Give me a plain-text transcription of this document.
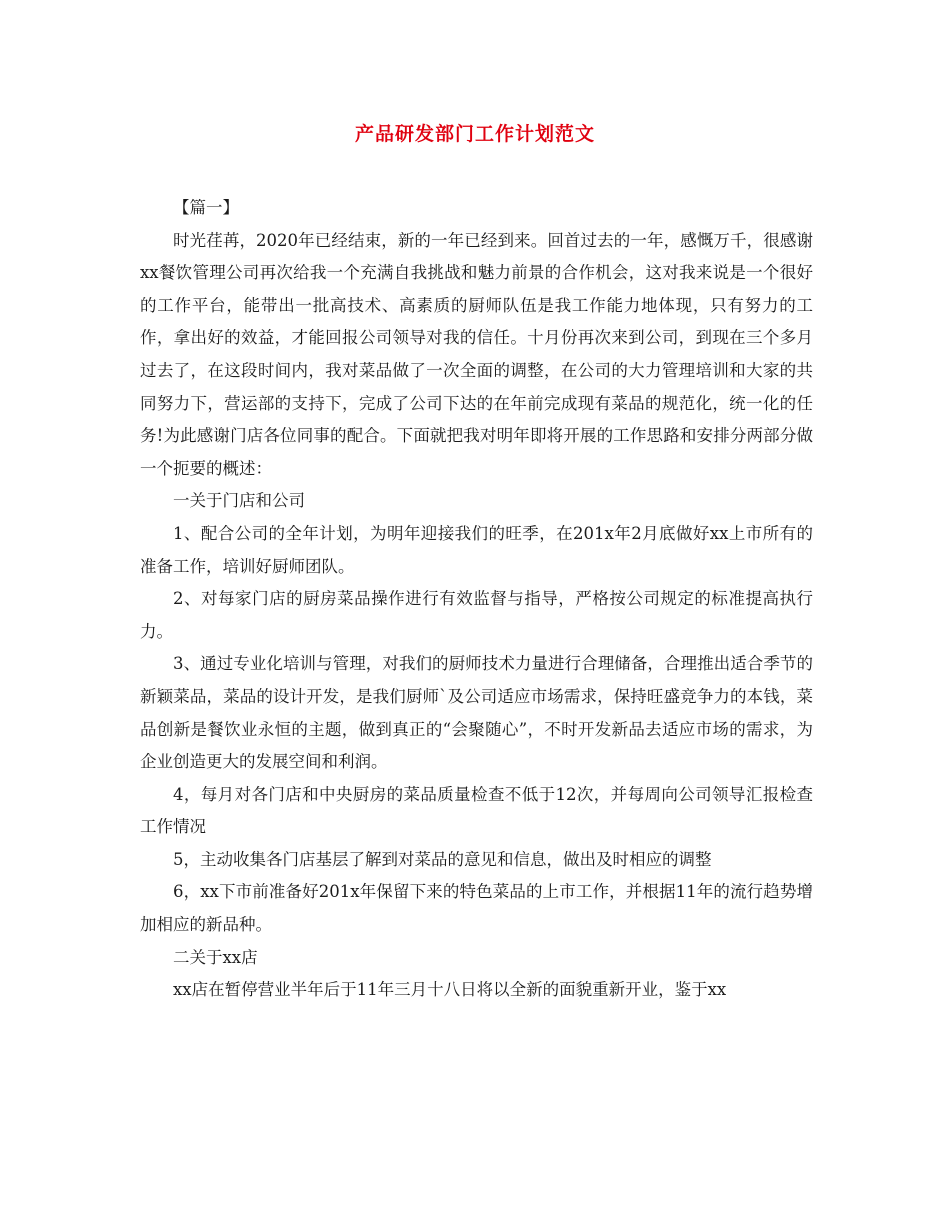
产品研发部门工作计划范文

【篇一】

时光荏苒，2020年已经结束，新的一年已经到来。回首过去的一年，感慨万千，很感谢xx餐饮管理公司再次给我一个充满自我挑战和魅力前景的合作机会，这对我来说是一个很好的工作平台，能带出一批高技术、高素质的厨师队伍是我工作能力地体现，只有努力的工作，拿出好的效益，才能回报公司领导对我的信任。十月份再次来到公司，到现在三个多月过去了，在这段时间内，我对菜品做了一次全面的调整，在公司的大力管理培训和大家的共同努力下，营运部的支持下，完成了公司下达的在年前完成现有菜品的规范化，统一化的任务!为此感谢门店各位同事的配合。下面就把我对明年即将开展的工作思路和安排分两部分做一个扼要的概述：

一关于门店和公司

1、配合公司的全年计划，为明年迎接我们的旺季，在201x年2月底做好xx上市所有的准备工作，培训好厨师团队。

2、对每家门店的厨房菜品操作进行有效监督与指导，严格按公司规定的标准提高执行力。

3、通过专业化培训与管理，对我们的厨师技术力量进行合理储备，合理推出适合季节的新颖菜品，菜品的设计开发，是我们厨师`及公司适应市场需求，保持旺盛竞争力的本钱，菜品创新是餐饮业永恒的主题，做到真正的“会聚随心”，不时开发新品去适应市场的需求，为企业创造更大的发展空间和利润。

4，每月对各门店和中央厨房的菜品质量检查不低于12次，并每周向公司领导汇报检查工作情况

5，主动收集各门店基层了解到对菜品的意见和信息，做出及时相应的调整

6，xx下市前准备好201x年保留下来的特色菜品的上市工作，并根据11年的流行趋势增加相应的新品种。

二关于xx店

xx店在暂停营业半年后于11年三月十八日将以全新的面貌重新开业，鉴于xx
